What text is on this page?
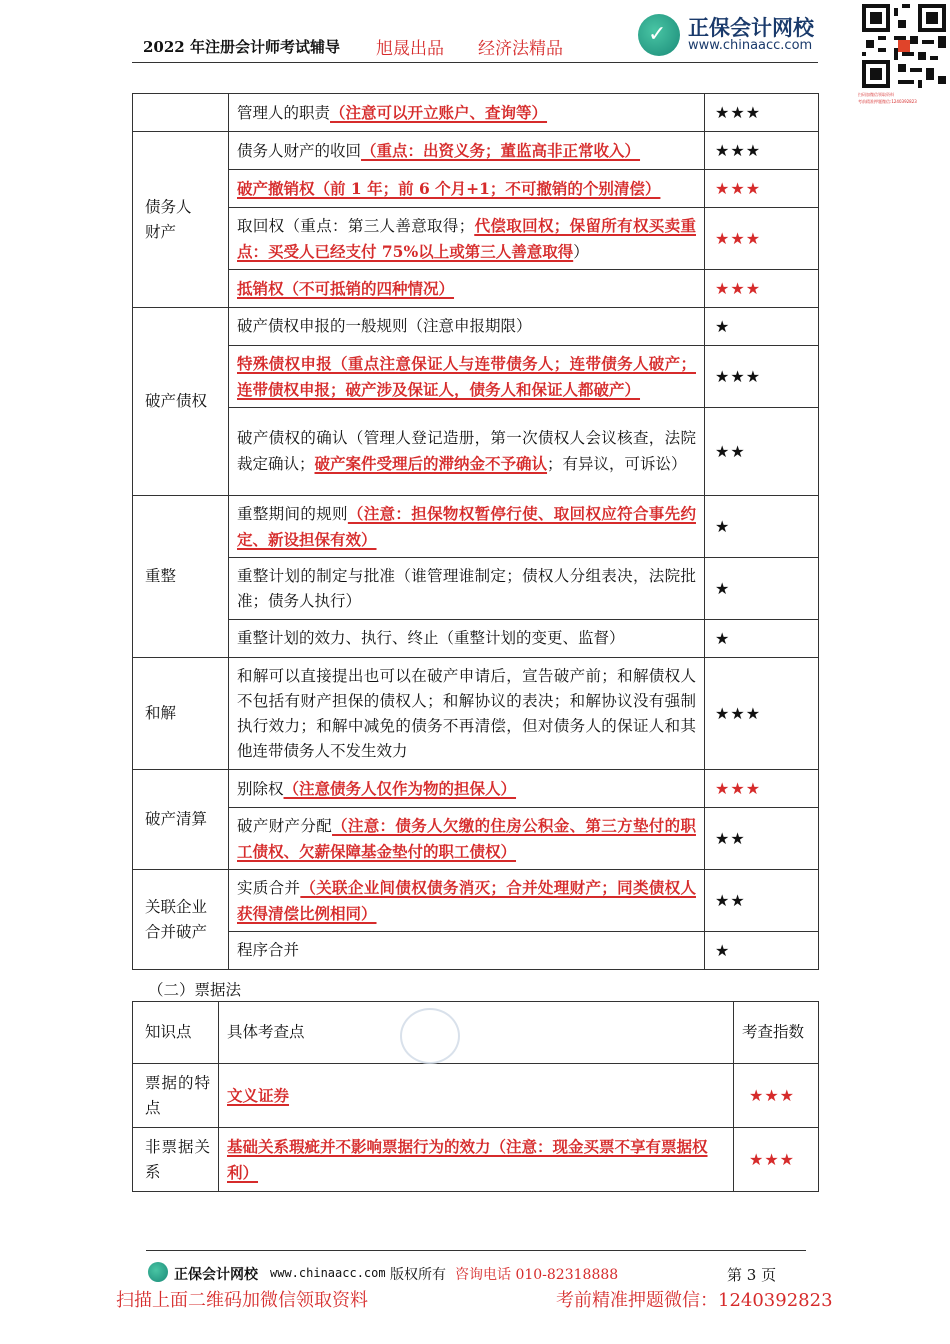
2022 年注册会计师考试辅导 旭晟出品 经济法精品
✓ 正保会计网校
www.chinaacc.com
扫码加微信领取资料
考前精准押题微信:1240392823
	管理人的职责（注意可以开立账户、查询等）	★★★
债务人
财产	债务人财产的收回（重点：出资义务；董监高非正常收入）	★★★
	破产撤销权（前 1 年；前 6 个月+1；不可撤销的个别清偿）	★★★
	取回权（重点：第三人善意取得；代偿取回权；保留所有权买卖重点：买受人已经支付 75%以上或第三人善意取得）	★★★
	抵销权（不可抵销的四种情况）	★★★
破产债权	破产债权申报的一般规则（注意申报期限）	★
	特殊债权申报（重点注意保证人与连带债务人；连带债务人破产；连带债权申报；破产涉及保证人，债务人和保证人都破产）	★★★
	破产债权的确认（管理人登记造册，第一次债权人会议核查，法院裁定确认；破产案件受理后的滞纳金不予确认；有异议，可诉讼）	★★
重整	重整期间的规则（注意：担保物权暂停行使、取回权应符合事先约定、新设担保有效）	★
	重整计划的制定与批准（谁管理谁制定；债权人分组表决，法院批准；债务人执行）	★
	重整计划的效力、执行、终止（重整计划的变更、监督）	★
和解	和解可以直接提出也可以在破产申请后，宣告破产前；和解债权人不包括有财产担保的债权人；和解协议的表决；和解协议没有强制执行效力；和解中减免的债务不再清偿，但对债务人的保证人和其他连带债务人不发生效力	★★★
破产清算	别除权（注意债务人仅作为物的担保人）	★★★
	破产财产分配（注意：债务人欠缴的住房公积金、第三方垫付的职工债权、欠薪保障基金垫付的职工债权）	★★
关联企业
合并破产	实质合并（关联企业间债权债务消灭；合并处理财产；同类债权人获得清偿比例相同）	★★
	程序合并	★
（二）票据法
知识点	具体考查点	考查指数
票据的特点	文义证券	★★★
非票据关系	基础关系瑕疵并不影响票据行为的效力（注意：现金买票不享有票据权利）	★★★
正保会计网校 www.chinaacc.com 版权所有 咨询电话 010-82318888	第 3 页
扫描上面二维码加微信领取资料	考前精准押题微信：1240392823
